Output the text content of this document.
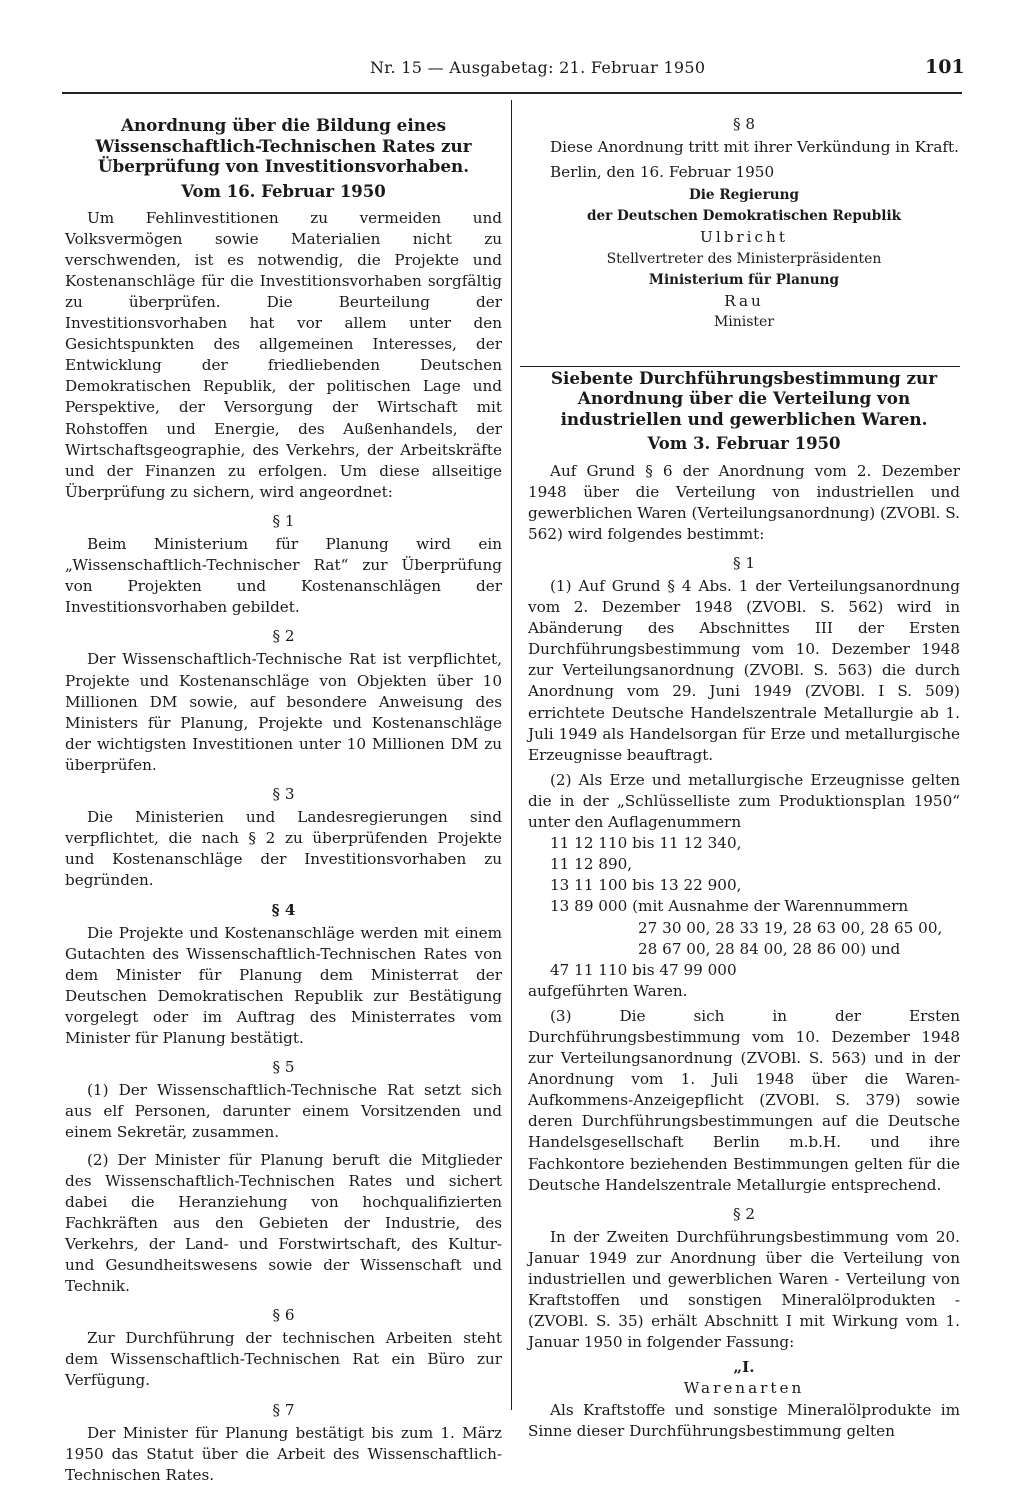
Nr. 15 — Ausgabetag: 21. Februar 1950	101
Anordnung über die Bildung eines Wissenschaftlich-Technischen Rates zur Überprüfung von Investitionsvorhaben.

Vom 16. Februar 1950

Um Fehlinvestitionen zu vermeiden und Volksvermögen sowie Materialien nicht zu verschwenden, ist es notwendig, die Projekte und Kostenanschläge für die Investitionsvorhaben sorgfältig zu überprüfen. Die Beurteilung der Investitionsvorhaben hat vor allem unter den Gesichtspunkten des allgemeinen Interesses, der Entwicklung der friedliebenden Deutschen Demokratischen Republik, der politischen Lage und Perspektive, der Versorgung der Wirtschaft mit Rohstoffen und Energie, des Außenhandels, der Wirtschaftsgeographie, des Verkehrs, der Arbeitskräfte und der Finanzen zu erfolgen. Um diese allseitige Überprüfung zu sichern, wird angeordnet:

§ 1

Beim Ministerium für Planung wird ein „Wissenschaftlich-Technischer Rat“ zur Überprüfung von Projekten und Kostenanschlägen der Investitionsvorhaben gebildet.

§ 2

Der Wissenschaftlich-Technische Rat ist verpflichtet, Projekte und Kostenanschläge von Objekten über 10 Millionen DM sowie, auf besondere Anweisung des Ministers für Planung, Projekte und Kostenanschläge der wichtigsten Investitionen unter 10 Millionen DM zu überprüfen.

§ 3

Die Ministerien und Landesregierungen sind verpflichtet, die nach § 2 zu überprüfenden Projekte und Kostenanschläge der Investitionsvorhaben zu begründen.

§ 4

Die Projekte und Kostenanschläge werden mit einem Gutachten des Wissenschaftlich-Technischen Rates von dem Minister für Planung dem Ministerrat der Deutschen Demokratischen Republik zur Bestätigung vorgelegt oder im Auftrag des Ministerrates vom Minister für Planung bestätigt.

§ 5

(1) Der Wissenschaftlich-Technische Rat setzt sich aus elf Personen, darunter einem Vorsitzenden und einem Sekretär, zusammen.

(2) Der Minister für Planung beruft die Mitglieder des Wissenschaftlich-Technischen Rates und sichert dabei die Heranziehung von hochqualifizierten Fachkräften aus den Gebieten der Industrie, des Verkehrs, der Land- und Forstwirtschaft, des Kultur- und Gesundheitswesens sowie der Wissenschaft und Technik.

§ 6

Zur Durchführung der technischen Arbeiten steht dem Wissenschaftlich-Technischen Rat ein Büro zur Verfügung.

§ 7

Der Minister für Planung bestätigt bis zum 1. März 1950 das Statut über die Arbeit des Wissenschaftlich-Technischen Rates.

§ 8

Diese Anordnung tritt mit ihrer Verkündung in Kraft.

Berlin, den 16. Februar 1950

Die Regierung

der Deutschen Demokratischen Republik

Ulbricht

Stellvertreter des Ministerpräsidenten

Ministerium für Planung

Rau

Minister

Siebente Durchführungsbestimmung zur Anordnung über die Verteilung von industriellen und gewerblichen Waren.

Vom 3. Februar 1950

Auf Grund § 6 der Anordnung vom 2. Dezember 1948 über die Verteilung von industriellen und gewerblichen Waren (Verteilungsanordnung) (ZVOBl. S. 562) wird folgendes bestimmt:

§ 1

(1) Auf Grund § 4 Abs. 1 der Verteilungsanordnung vom 2. Dezember 1948 (ZVOBl. S. 562) wird in Abänderung des Abschnittes III der Ersten Durchführungsbestimmung vom 10. Dezember 1948 zur Verteilungsanordnung (ZVOBl. S. 563) die durch Anordnung vom 29. Juni 1949 (ZVOBl. I S. 509) errichtete Deutsche Handelszentrale Metallurgie ab 1. Juli 1949 als Handelsorgan für Erze und metallurgische Erzeugnisse beauftragt.

(2) Als Erze und metallurgische Erzeugnisse gelten die in der „Schlüsselliste zum Produktionsplan 1950“ unter den Auflagenummern

11 12 110 bis 11 12 340,
11 12 890,
13 11 100 bis 13 22 900,
13 89 000 (mit Ausnahme der Warennummern
27 30 00, 28 33 19, 28 63 00, 28 65 00,
28 67 00, 28 84 00, 28 86 00) und
47 11 110 bis 47 99 000
aufgeführten Waren.

(3) Die sich in der Ersten Durchführungsbestimmung vom 10. Dezember 1948 zur Verteilungsanordnung (ZVOBl. S. 563) und in der Anordnung vom 1. Juli 1948 über die Waren-Aufkommens-Anzeigepflicht (ZVOBl. S. 379) sowie deren Durchführungsbestimmungen auf die Deutsche Handelsgesellschaft Berlin m.b.H. und ihre Fachkontore beziehenden Bestimmungen gelten für die Deutsche Handelszentrale Metallurgie entsprechend.

§ 2

In der Zweiten Durchführungsbestimmung vom 20. Januar 1949 zur Anordnung über die Verteilung von industriellen und gewerblichen Waren - Verteilung von Kraftstoffen und sonstigen Mineralölprodukten - (ZVOBl. S. 35) erhält Abschnitt I mit Wirkung vom 1. Januar 1950 in folgender Fassung:

„I.

Warenarten

Als Kraftstoffe und sonstige Mineralölprodukte im Sinne dieser Durchführungsbestimmung gelten
